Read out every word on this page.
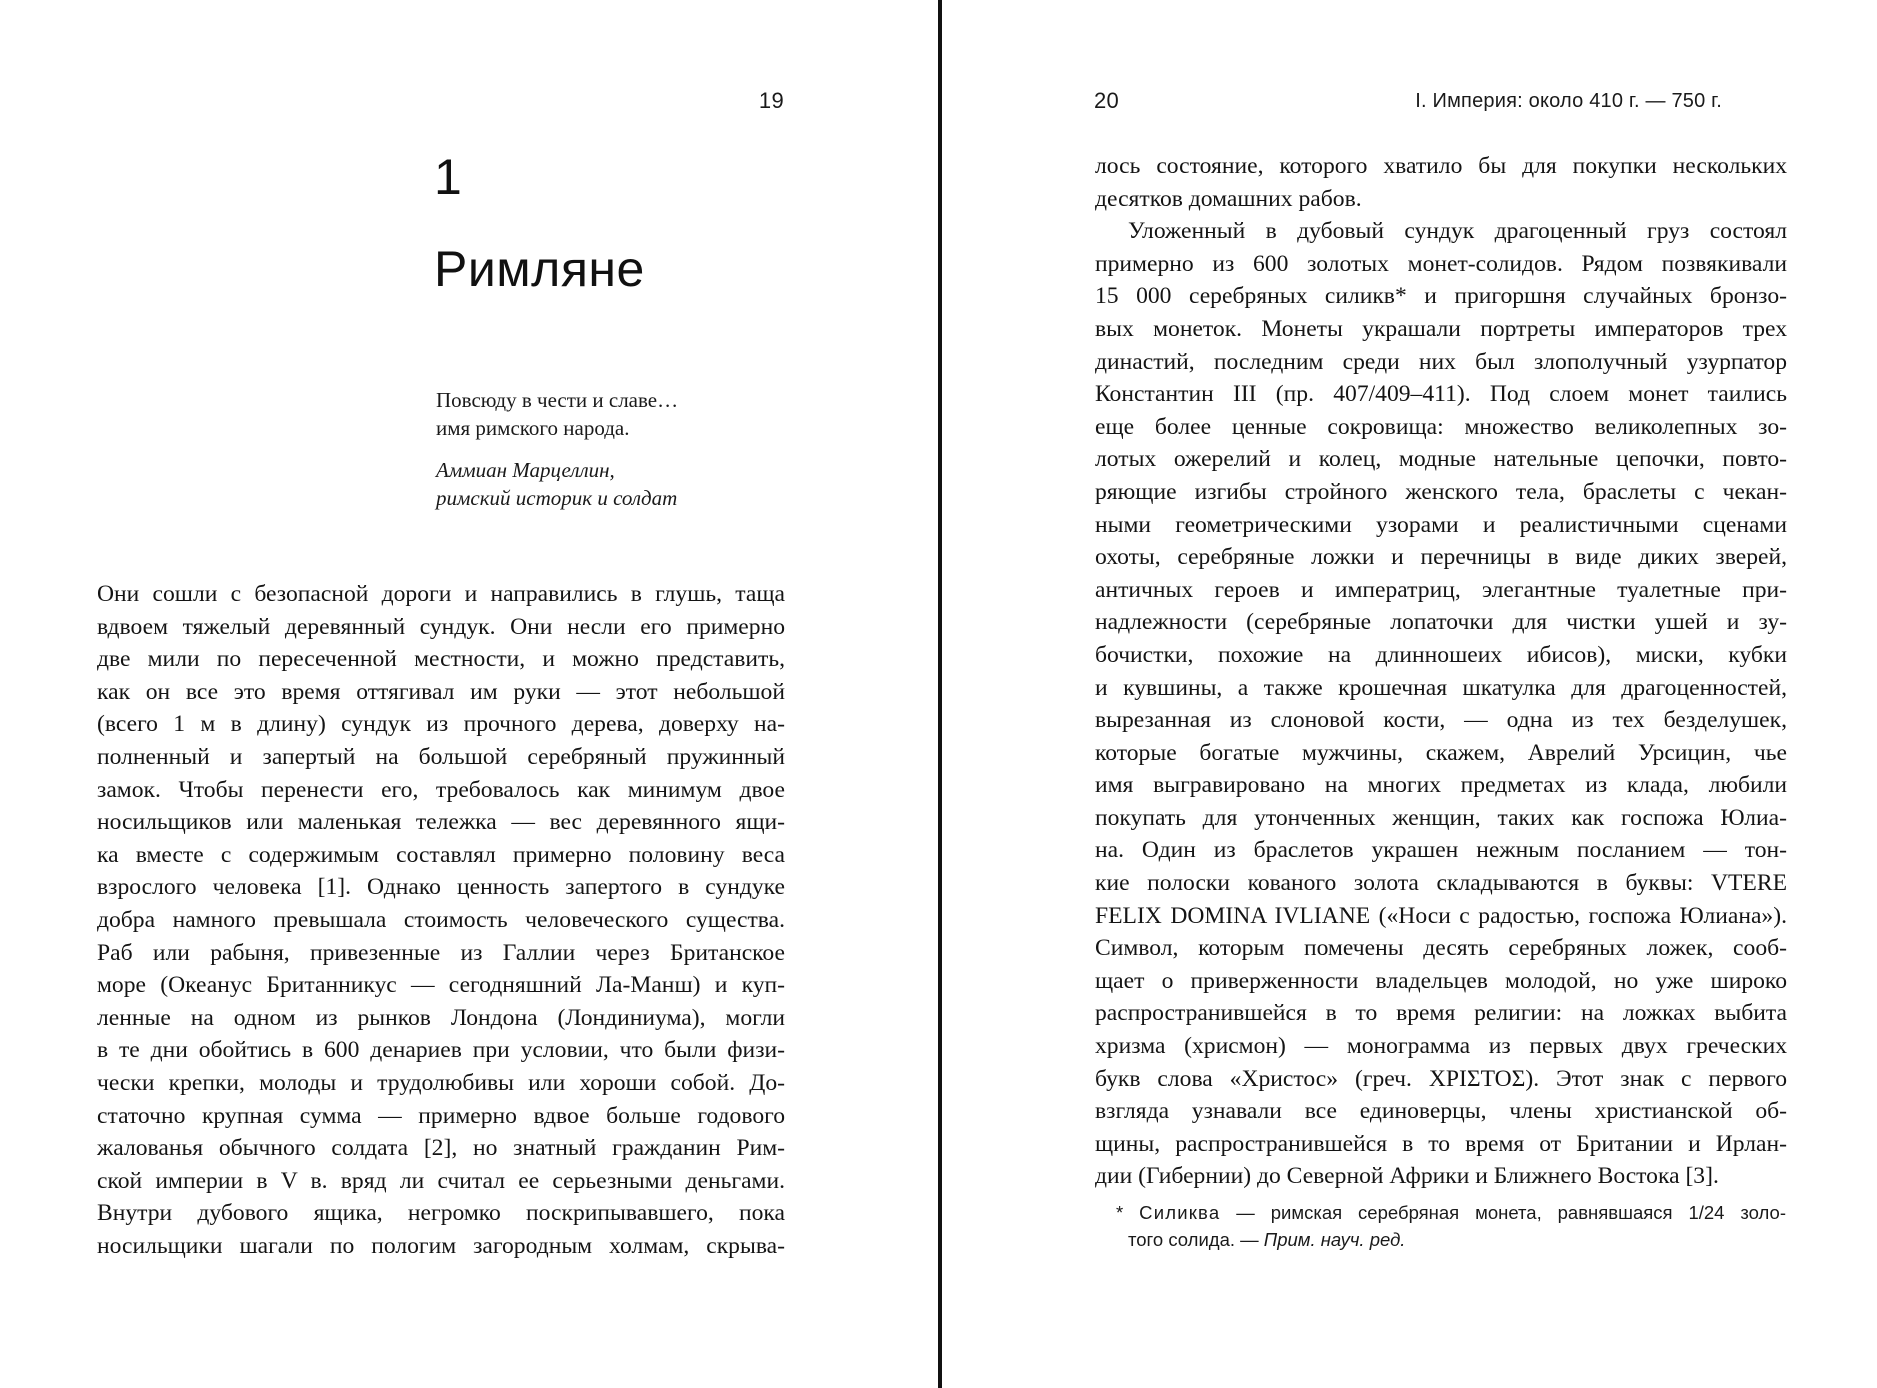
19
1
Римляне
Повсюду в чести и славе…
имя римского народа.
Аммиан Марцеллин,
римский историк и солдат
Они сошли с безопасной дороги и направились в глушь, таща
вдвоем тяжелый деревянный сундук. Они несли его примерно
две мили по пересеченной местности, и можно представить,
как он все это время оттягивал им руки — этот небольшой
(всего 1 м в длину) сундук из прочного дерева, доверху на-
полненный и запертый на большой серебряный пружинный
замок. Чтобы перенести его, требовалось как минимум двое
носильщиков или маленькая тележка — вес деревянного ящи-
ка вместе с содержимым составлял примерно половину веса
взрослого человека [1]. Однако ценность запертого в сундуке
добра намного превышала стоимость человеческого существа.
Раб или рабыня, привезенные из Галлии через Британское
море (Океанус Британникус — сегодняшний Ла-Манш) и куп-
ленные на одном из рынков Лондона (Лондиниума), могли
в те дни обойтись в 600 денариев при условии, что были физи-
чески крепки, молоды и трудолюбивы или хороши собой. До-
статочно крупная сумма — примерно вдвое больше годового
жалованья обычного солдата [2], но знатный гражданин Рим-
ской империи в V в. вряд ли считал ее серьезными деньгами.
Внутри дубового ящика, негромко поскрипывавшего, пока
носильщики шагали по пологим загородным холмам, скрыва-
20	I. Империя: около 410 г. — 750 г.
лось состояние, которого хватило бы для покупки нескольких
десятков домашних рабов.
Уложенный в дубовый сундук драгоценный груз состоял
примерно из 600 золотых монет-солидов. Рядом позвякивали
15 000 серебряных силикв* и пригоршня случайных бронзо-
вых монеток. Монеты украшали портреты императоров трех
династий, последним среди них был злополучный узурпатор
Константин III (пр. 407/409–411). Под слоем монет таились
еще более ценные сокровища: множество великолепных зо-
лотых ожерелий и колец, модные нательные цепочки, повто-
ряющие изгибы стройного женского тела, браслеты с чекан-
ными геометрическими узорами и реалистичными сценами
охоты, серебряные ложки и перечницы в виде диких зверей,
античных героев и императриц, элегантные туалетные при-
надлежности (серебряные лопаточки для чистки ушей и зу-
бочистки, похожие на длинношеих ибисов), миски, кубки
и кувшины, а также крошечная шкатулка для драгоценностей,
вырезанная из слоновой кости, — одна из тех безделушек,
которые богатые мужчины, скажем, Аврелий Урсицин, чье
имя выгравировано на многих предметах из клада, любили
покупать для утонченных женщин, таких как госпожа Юлиа-
на. Один из браслетов украшен нежным посланием — тон-
кие полоски кованого золота складываются в буквы: VTERE
FELIX DOMINA IVLIANE («Носи с радостью, госпожа Юлиана»).
Символ, которым помечены десять серебряных ложек, сооб-
щает о приверженности владельцев молодой, но уже широко
распространившейся в то время религии: на ложках выбита
хризма (хрисмон) — монограмма из первых двух греческих
букв слова «Христос» (греч. ΧΡΙΣΤΟΣ). Этот знак с первого
взгляда узнавали все единоверцы, члены христианской об-
щины, распространившейся в то время от Британии и Ирлан-
дии (Гибернии) до Северной Африки и Ближнего Востока [3].
* Силиква — римская серебряная монета, равнявшаяся 1/24 золо-
того солида. — Прим. науч. ред.
